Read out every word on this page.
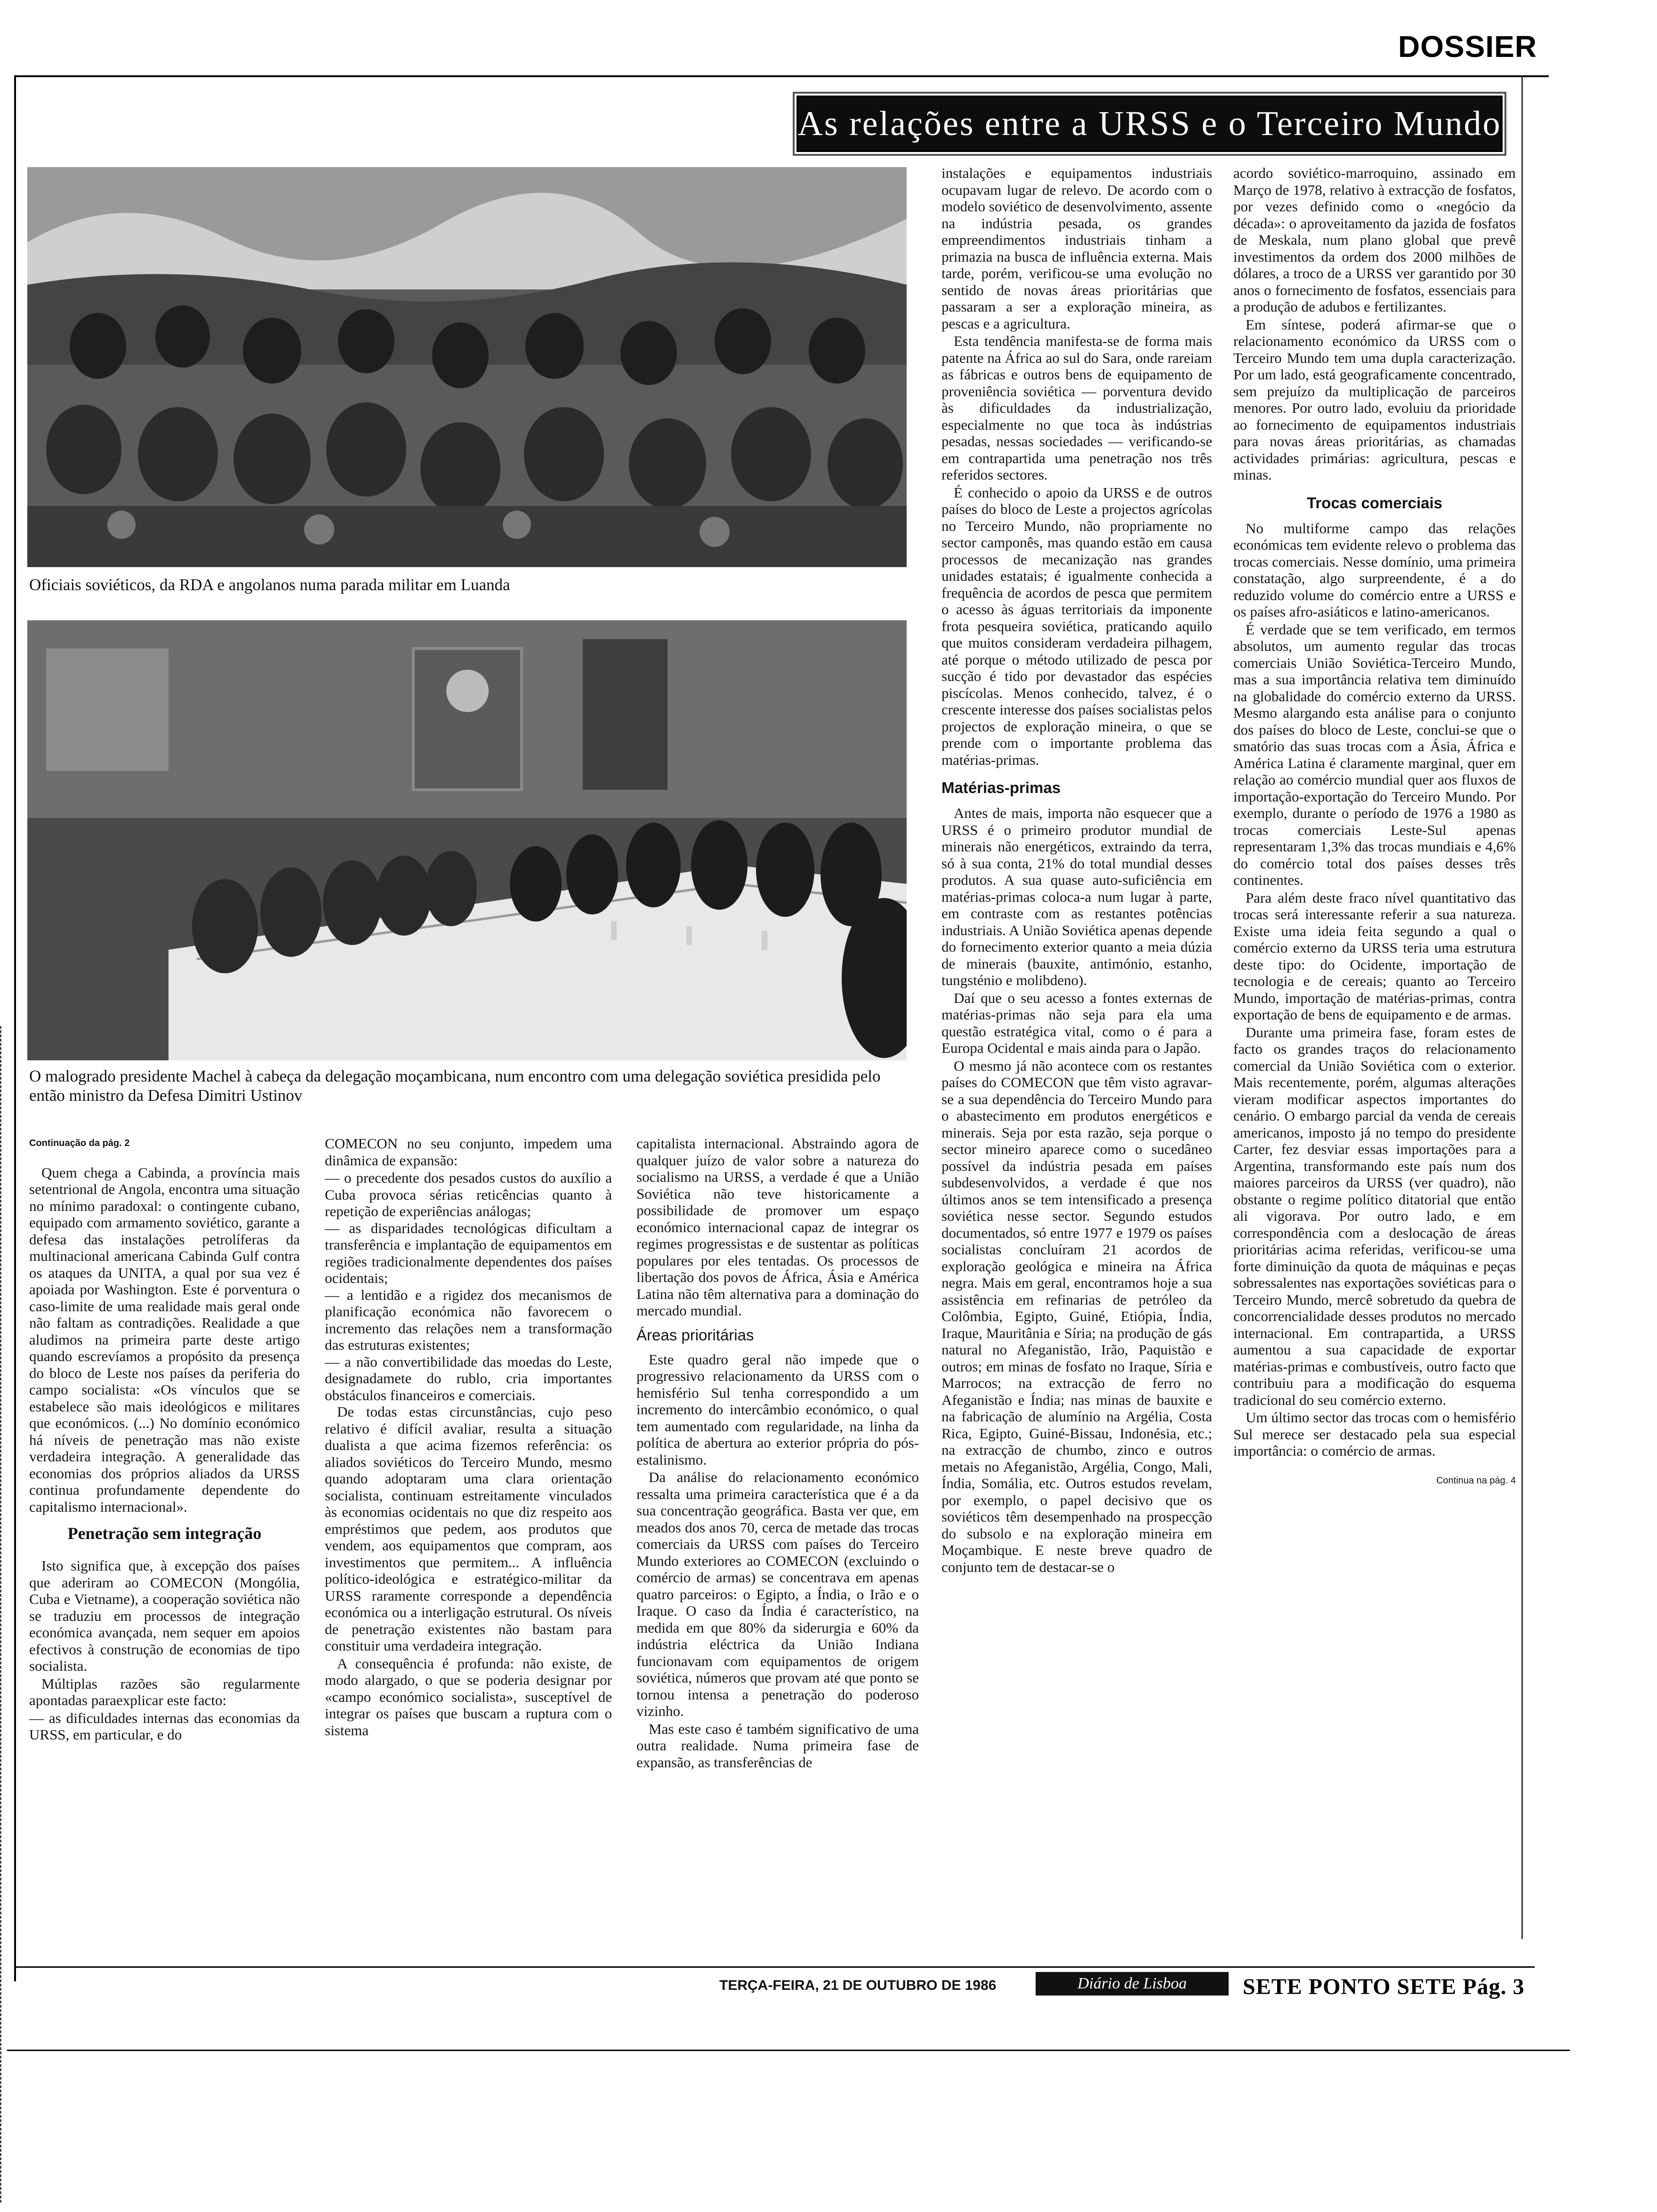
DOSSIER
As relações entre a URSS e o Terceiro Mundo
Oficiais soviéticos, da RDA e angolanos numa parada militar em Luanda
O malogrado presidente Machel à cabeça da delegação moçambicana, num encontro com uma delegação soviética presidida pelo então ministro da Defesa Dimitri Ustinov

instalações e equipamentos industriais ocupavam lugar de relevo. De acordo com o modelo soviético de desenvolvimento, assente na indústria pesada, os grandes empreendimentos industriais tinham a primazia na busca de influência externa. Mais tarde, porém, verificou-se uma evolução no sentido de novas áreas prioritárias que passaram a ser a exploração mineira, as pescas e a agricultura.

Esta tendência manifesta-se de forma mais patente na África ao sul do Sara, onde rareiam as fábricas e outros bens de equipamento de proveniência soviética — porventura devido às dificuldades da industrialização, especialmente no que toca às indústrias pesadas, nessas sociedades — verificando-se em contrapartida uma penetração nos três referidos sectores.

É conhecido o apoio da URSS e de outros países do bloco de Leste a projectos agrícolas no Terceiro Mundo, não propriamente no sector camponês, mas quando estão em causa processos de mecanização nas grandes unidades estatais; é igualmente conhecida a frequência de acordos de pesca que permitem o acesso às águas territoriais da imponente frota pesqueira soviética, praticando aquilo que muitos consideram verdadeira pilhagem, até porque o método utilizado de pesca por sucção é tido por devastador das espécies piscícolas. Menos conhecido, talvez, é o crescente interesse dos países socialistas pelos projectos de exploração mineira, o que se prende com o importante problema das matérias-primas.

Matérias-primas

Antes de mais, importa não esquecer que a URSS é o primeiro produtor mundial de minerais não energéticos, extraindo da terra, só à sua conta, 21% do total mundial desses produtos. A sua quase auto-suficiência em matérias-primas coloca-a num lugar à parte, em contraste com as restantes potências industriais. A União Soviética apenas depende do fornecimento exterior quanto a meia dúzia de minerais (bauxite, antimónio, estanho, tungsténio e molibdeno).

Daí que o seu acesso a fontes externas de matérias-primas não seja para ela uma questão estratégica vital, como o é para a Europa Ocidental e mais ainda para o Japão.

O mesmo já não acontece com os restantes países do COMECON que têm visto agravar-se a sua dependência do Terceiro Mundo para o abastecimento em produtos energéticos e minerais. Seja por esta razão, seja porque o sector mineiro aparece como o sucedâneo possível da indústria pesada em países subdesenvolvidos, a verdade é que nos últimos anos se tem intensificado a presença soviética nesse sector. Segundo estudos documentados, só entre 1977 e 1979 os países socialistas concluíram 21 acordos de exploração geológica e mineira na África negra. Mais em geral, encontramos hoje a sua assistência em refinarias de petróleo da Colômbia, Egipto, Guiné, Etiópia, Índia, Iraque, Mauritânia e Síria; na produção de gás natural no Afeganistão, Irão, Paquistão e outros; em minas de fosfato no Iraque, Síria e Marrocos; na extracção de ferro no Afeganistão e Índia; nas minas de bauxite e na fabricação de alumínio na Argélia, Costa Rica, Egipto, Guiné-Bissau, Indonésia, etc.; na extracção de chumbo, zinco e outros metais no Afeganistão, Argélia, Congo, Mali, Índia, Somália, etc. Outros estudos revelam, por exemplo, o papel decisivo que os soviéticos têm desempenhado na prospecção do subsolo e na exploração mineira em Moçambique. E neste breve quadro de conjunto tem de destacar-se o

acordo soviético-marroquino, assinado em Março de 1978, relativo à extracção de fosfatos, por vezes definido como o «negócio da década»: o aproveitamento da jazida de fosfatos de Meskala, num plano global que prevê investimentos da ordem dos 2000 milhões de dólares, a troco de a URSS ver garantido por 30 anos o fornecimento de fosfatos, essenciais para a produção de adubos e fertilizantes.

Em síntese, poderá afirmar-se que o relacionamento económico da URSS com o Terceiro Mundo tem uma dupla caracterização. Por um lado, está geograficamente concentrado, sem prejuízo da multiplicação de parceiros menores. Por outro lado, evoluiu da prioridade ao fornecimento de equipamentos industriais para novas áreas prioritárias, as chamadas actividades primárias: agricultura, pescas e minas.

Trocas comerciais

No multiforme campo das relações económicas tem evidente relevo o problema das trocas comerciais. Nesse domínio, uma primeira constatação, algo surpreendente, é a do reduzido volume do comércio entre a URSS e os países afro-asiáticos e latino-americanos.

É verdade que se tem verificado, em termos absolutos, um aumento regular das trocas comerciais União Soviética-Terceiro Mundo, mas a sua importância relativa tem diminuído na globalidade do comércio externo da URSS. Mesmo alargando esta análise para o conjunto dos países do bloco de Leste, conclui-se que o smatório das suas trocas com a Ásia, África e América Latina é claramente marginal, quer em relação ao comércio mundial quer aos fluxos de importação-exportação do Terceiro Mundo. Por exemplo, durante o período de 1976 a 1980 as trocas comerciais Leste-Sul apenas representaram 1,3% das trocas mundiais e 4,6% do comércio total dos países desses três continentes.

Para além deste fraco nível quantitativo das trocas será interessante referir a sua natureza. Existe uma ideia feita segundo a qual o comércio externo da URSS teria uma estrutura deste tipo: do Ocidente, importação de tecnologia e de cereais; quanto ao Terceiro Mundo, importação de matérias-primas, contra exportação de bens de equipamento e de armas.

Durante uma primeira fase, foram estes de facto os grandes traços do relacionamento comercial da União Soviética com o exterior. Mais recentemente, porém, algumas alterações vieram modificar aspectos importantes do cenário. O embargo parcial da venda de cereais americanos, imposto já no tempo do presidente Carter, fez desviar essas importações para a Argentina, transformando este país num dos maiores parceiros da URSS (ver quadro), não obstante o regime político ditatorial que então ali vigorava. Por outro lado, e em correspondência com a deslocação de áreas prioritárias acima referidas, verificou-se uma forte diminuição da quota de máquinas e peças sobressalentes nas exportações soviéticas para o Terceiro Mundo, mercê sobretudo da quebra de concorrencialidade desses produtos no mercado internacional. Em contrapartida, a URSS aumentou a sua capacidade de exportar matérias-primas e combustíveis, outro facto que contribuiu para a modificação do esquema tradicional do seu comércio externo.

Um último sector das trocas com o hemisfério Sul merece ser destacado pela sua especial importância: o comércio de armas.

Continua na pág. 4

Continuação da pág. 2

Quem chega a Cabinda, a província mais setentrional de Angola, encontra uma situação no mínimo paradoxal: o contingente cubano, equipado com armamento soviético, garante a defesa das instalações petrolíferas da multinacional americana Cabinda Gulf contra os ataques da UNITA, a qual por sua vez é apoiada por Washington. Este é porventura o caso-limite de uma realidade mais geral onde não faltam as contradições. Realidade a que aludimos na primeira parte deste artigo quando escrevíamos a propósito da presença do bloco de Leste nos países da periferia do campo socialista: «Os vínculos que se estabelece são mais ideológicos e militares que económicos. (...) No domínio económico há níveis de penetração mas não existe verdadeira integração. A generalidade das economias dos próprios aliados da URSS continua profundamente dependente do capitalismo internacional».

Penetração sem integração

Isto significa que, à excepção dos países que aderiram ao COMECON (Mongólia, Cuba e Vietname), a cooperação soviética não se traduziu em processos de integração económica avançada, nem sequer em apoios efectivos à construção de economias de tipo socialista.

Múltiplas razões são regularmente apontadas paraexplicar este facto:

— as dificuldades internas das economias da URSS, em particular, e do

COMECON no seu conjunto, impedem uma dinâmica de expansão:

— o precedente dos pesados custos do auxílio a Cuba provoca sérias reticências quanto à repetição de experiências análogas;
— as disparidades tecnológicas dificultam a transferência e implantação de equipamentos em regiões tradicionalmente dependentes dos países ocidentais;
— a lentidão e a rigidez dos mecanismos de planificação económica não favorecem o incremento das relações nem a transformação das estruturas existentes;
— a não convertibilidade das moedas do Leste, designadamete do rublo, cria importantes obstáculos financeiros e comerciais.

De todas estas circunstâncias, cujo peso relativo é difícil avaliar, resulta a situação dualista a que acima fizemos referência: os aliados soviéticos do Terceiro Mundo, mesmo quando adoptaram uma clara orientação socialista, continuam estreitamente vinculados às economias ocidentais no que diz respeito aos empréstimos que pedem, aos produtos que vendem, aos equipamentos que compram, aos investimentos que permitem... A influência político-ideológica e estratégico-militar da URSS raramente corresponde a dependência económica ou a interligação estrutural. Os níveis de penetração existentes não bastam para constituir uma verdadeira integração.

A consequência é profunda: não existe, de modo alargado, o que se poderia designar por «campo económico socialista», susceptível de integrar os países que buscam a ruptura com o sistema

capitalista internacional. Abstraindo agora de qualquer juízo de valor sobre a natureza do socialismo na URSS, a verdade é que a União Soviética não teve historicamente a possibilidade de promover um espaço económico internacional capaz de integrar os regimes progressistas e de sustentar as políticas populares por eles tentadas. Os processos de libertação dos povos de África, Ásia e América Latina não têm alternativa para a dominação do mercado mundial.

Áreas prioritárias

Este quadro geral não impede que o progressivo relacionamento da URSS com o hemisfério Sul tenha correspondido a um incremento do intercâmbio económico, o qual tem aumentado com regularidade, na linha da política de abertura ao exterior própria do pós-estalinismo.

Da análise do relacionamento económico ressalta uma primeira característica que é a da sua concentração geográfica. Basta ver que, em meados dos anos 70, cerca de metade das trocas comerciais da URSS com países do Terceiro Mundo exteriores ao COMECON (excluindo o comércio de armas) se concentrava em apenas quatro parceiros: o Egipto, a Índia, o Irão e o Iraque. O caso da Índia é característico, na medida em que 80% da siderurgia e 60% da indústria eléctrica da União Indiana funcionavam com equipamentos de origem soviética, números que provam até que ponto se tornou intensa a penetração do poderoso vizinho.

Mas este caso é também significativo de uma outra realidade. Numa primeira fase de expansão, as transferências de

TERÇA-FEIRA, 21 DE OUTUBRO DE 1986	Diário de Lisboa	SETE PONTO SETE Pág. 3
